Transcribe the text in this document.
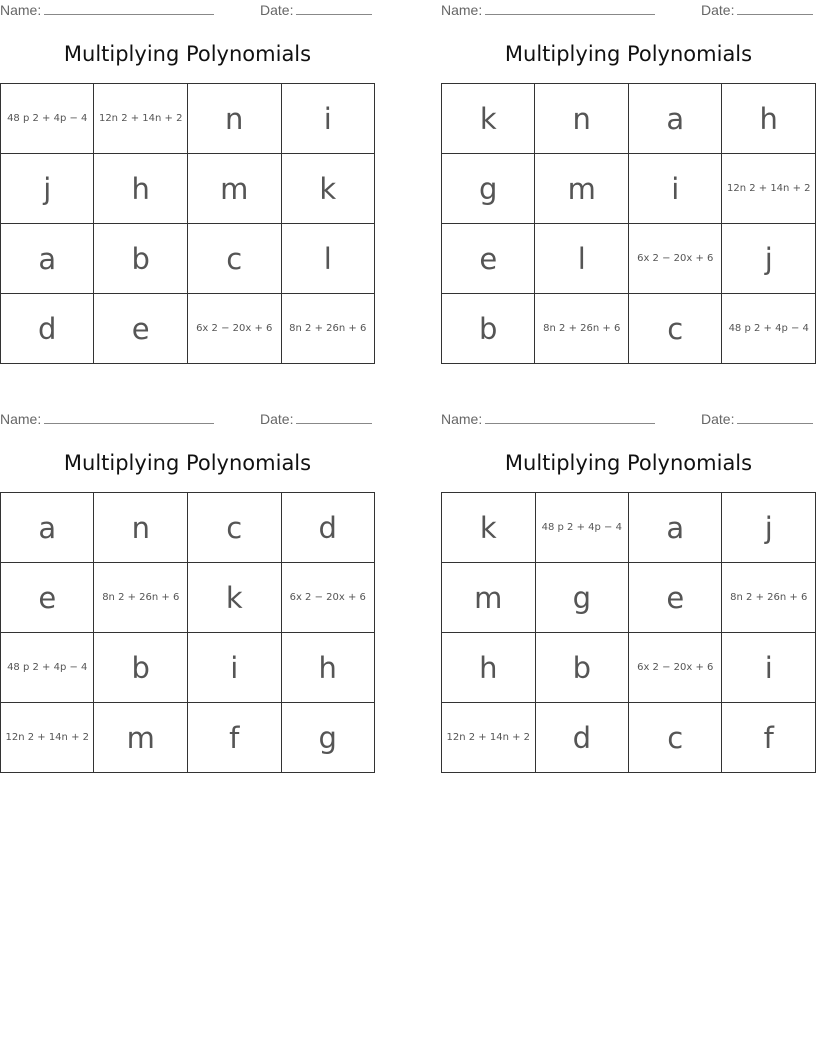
Name:	Date:
Multiplying Polynomials
48 p 2 + 4p − 4	12n 2 + 14n + 2	n	i
j	h	m	k
a	b	c	l
d	e	6x 2 − 20x + 6	8n 2 + 26n + 6
Name:	Date:
Multiplying Polynomials
k	n	a	h
g	m	i	12n 2 + 14n + 2
e	l	6x 2 − 20x + 6	j
b	8n 2 + 26n + 6	c	48 p 2 + 4p − 4
Name:	Date:
Multiplying Polynomials
a	n	c	d
e	8n 2 + 26n + 6	k	6x 2 − 20x + 6
48 p 2 + 4p − 4	b	i	h
12n 2 + 14n + 2	m	f	g
Name:	Date:
Multiplying Polynomials
k	48 p 2 + 4p − 4	a	j
m	g	e	8n 2 + 26n + 6
h	b	6x 2 − 20x + 6	i
12n 2 + 14n + 2	d	c	f
